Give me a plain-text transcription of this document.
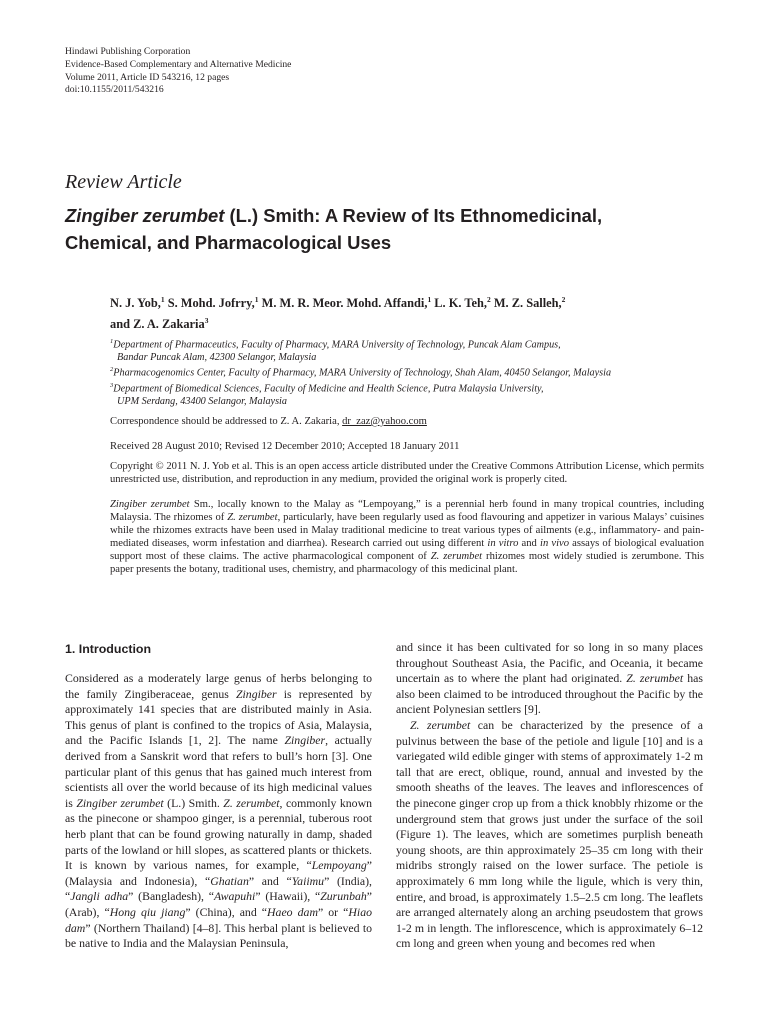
Hindawi Publishing Corporation
Evidence-Based Complementary and Alternative Medicine
Volume 2011, Article ID 543216, 12 pages
doi:10.1155/2011/543216
Review Article
Zingiber zerumbet (L.) Smith: A Review of Its Ethnomedicinal,
Chemical, and Pharmacological Uses
N. J. Yob,$^1$ S. Mohd. Jofrry,$^1$ M. M. R. Meor. Mohd. Affandi,$^1$ L. K. Teh,$^2$ M. Z. Salleh,$^2$
and Z. A. Zakaria$^3$
$^1$Department of Pharmaceutics, Faculty of Pharmacy, MARA University of Technology, Puncak Alam Campus,
Bandar Puncak Alam, 42300 Selangor, Malaysia
$^2$Pharmacogenomics Center, Faculty of Pharmacy, MARA University of Technology, Shah Alam, 40450 Selangor, Malaysia
$^3$Department of Biomedical Sciences, Faculty of Medicine and Health Science, Putra Malaysia University,
UPM Serdang, 43400 Selangor, Malaysia
Correspondence should be addressed to Z. A. Zakaria, dr_zaz@yahoo.com
Received 28 August 2010; Revised 12 December 2010; Accepted 18 January 2011
Copyright © 2011 N. J. Yob et al. This is an open access article distributed under the Creative Commons Attribution License, which permits unrestricted use, distribution, and reproduction in any medium, provided the original work is properly cited.
Zingiber zerumbet Sm., locally known to the Malay as “Lempoyang,” is a perennial herb found in many tropical countries, including Malaysia. The rhizomes of Z. zerumbet, particularly, have been regularly used as food flavouring and appetizer in various Malays’ cuisines while the rhizomes extracts have been used in Malay traditional medicine to treat various types of ailments (e.g., inflammatory- and pain-mediated diseases, worm infestation and diarrhea). Research carried out using different in vitro and in vivo assays of biological evaluation support most of these claims. The active pharmacological component of Z. zerumbet rhizomes most widely studied is zerumbone. This paper presents the botany, traditional uses, chemistry, and pharmacology of this medicinal plant.
1. Introduction

Considered as a moderately large genus of herbs belonging to the family Zingiberaceae, genus Zingiber is represented by approximately 141 species that are distributed mainly in Asia. This genus of plant is confined to the tropics of Asia, Malaysia, and the Pacific Islands [1, 2]. The name Zingiber, actually derived from a Sanskrit word that refers to bull’s horn [3]. One particular plant of this genus that has gained much interest from scientists all over the world because of its high medicinal values is Zingiber zerumbet (L.) Smith. Z. zerumbet, commonly known as the pinecone or shampoo ginger, is a perennial, tuberous root herb plant that can be found growing naturally in damp, shaded parts of the lowland or hill slopes, as scattered plants or thickets. It is known by various names, for example, “Lempoyang” (Malaysia and Indonesia), “Ghatian” and “Yaiimu” (India), “Jangli adha” (Bangladesh), “Awapuhi” (Hawaii), “Zurunbah” (Arab), “Hong qiu jiang” (China), and “Haeo dam” or “Hiao dam” (Northern Thailand) [4–8]. This herbal plant is believed to be native to India and the Malaysian Peninsula,

and since it has been cultivated for so long in so many places throughout Southeast Asia, the Pacific, and Oceania, it became uncertain as to where the plant had originated. Z. zerumbet has also been claimed to be introduced throughout the Pacific by the ancient Polynesian settlers [9].

Z. zerumbet can be characterized by the presence of a pulvinus between the base of the petiole and ligule [10] and is a variegated wild edible ginger with stems of approximately 1-2 m tall that are erect, oblique, round, annual and invested by the smooth sheaths of the leaves. The leaves and inflorescences of the pinecone ginger crop up from a thick knobbly rhizome or the underground stem that grows just under the surface of the soil (Figure 1). The leaves, which are sometimes purplish beneath young shoots, are thin approximately 25–35 cm long with their midribs strongly raised on the lower surface. The petiole is approximately 6 mm long while the ligule, which is very thin, entire, and broad, is approximately 1.5–2.5 cm long. The leaflets are arranged alternately along an arching pseudostem that grows 1-2 m in length. The inflorescence, which is approximately 6–12 cm long and green when young and becomes red when
